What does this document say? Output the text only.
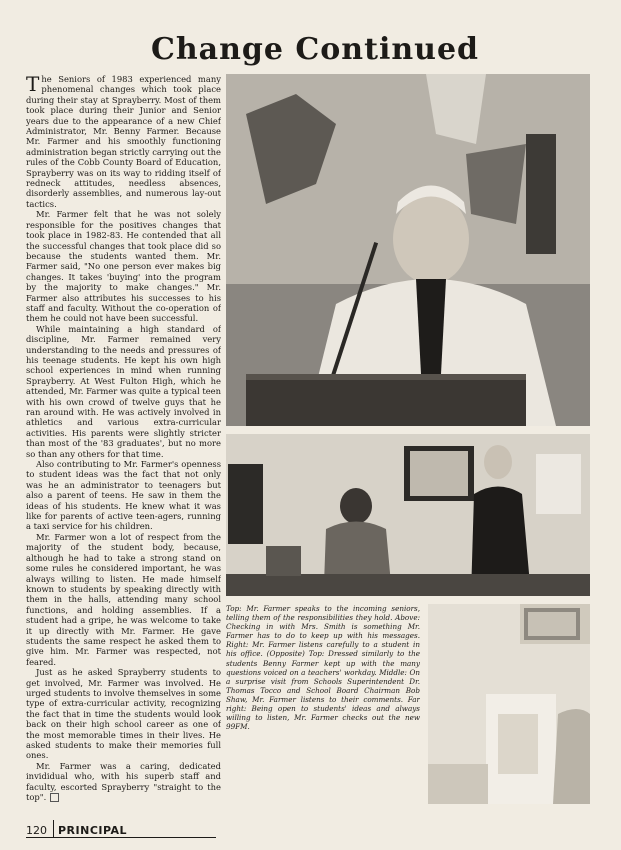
Change Continued

The Seniors of 1983 experienced many phenomenal changes which took place during their stay at Sprayberry. Most of them took place during their Junior and Senior years due to the appearance of a new Chief Administrator, Mr. Benny Farmer. Because Mr. Farmer and his smoothly functioning administration began strictly carrying out the rules of the Cobb County Board of Education, Sprayberry was on its way to ridding itself of redneck attitudes, needless absences, disorderly assemblies, and numerous lay-out tactics.

Mr. Farmer felt that he was not solely responsible for the positives changes that took place in 1982-83. He contended that all the successful changes that took place did so because the students wanted them. Mr. Farmer said, "No one person ever makes big changes. It takes 'buying' into the program by the majority to make changes." Mr. Farmer also attributes his successes to his staff and faculty. Without the co-operation of them he could not have been successful.

While maintaining a high standard of discipline, Mr. Farmer remained very understanding to the needs and pressures of his teenage students. He kept his own high school experiences in mind when running Sprayberry. At West Fulton High, which he attended, Mr. Farmer was quite a typical teen with his own crowd of twelve guys that he ran around with. He was actively involved in athletics and various extra-curricular activities. His parents were slightly stricter than most of the '83 graduates', but no more so than any others for that time.

Also contributing to Mr. Farmer's openness to student ideas was the fact that not only was he an administrator to teenagers but also a parent of teens. He saw in them the ideas of his students. He knew what it was like for parents of active teen-agers, running a taxi service for his children.

Mr. Farmer won a lot of respect from the majority of the student body, because, although he had to take a strong stand on some rules he considered important, he was always willing to listen. He made himself known to students by speaking directly with them in the halls, attending many school functions, and holding assemblies. If a student had a gripe, he was welcome to take it up directly with Mr. Farmer. He gave students the same respect he asked them to give him. Mr. Farmer was respected, not feared.

Just as he asked Sprayberry students to get involved, Mr. Farmer was involved. He urged students to involve themselves in some type of extra-curricular activity, recognizing the fact that in time the students would look back on their high school career as one of the most memorable times in their lives. He asked students to make their memories full ones.

Mr. Farmer was a caring, dedicated invididual who, with his superb staff and faculty, escorted Sprayberry "straight to the top".

Top: Mr. Farmer speaks to the incoming seniors, telling them of the responsibilities they hold. Above: Checking in with Mrs. Smith is something Mr. Farmer has to do to keep up with his messages. Right: Mr. Farmer listens carefully to a student in his office. (Opposite) Top: Dressed similarly to the students Benny Farmer kept up with the many questions voiced on a teachers' workday. Middle: On a surprise visit from Schools Superintendent Dr. Thomas Tocco and School Board Chairman Bob Shaw, Mr. Farmer listens to their comments. Far right: Being open to students' ideas and always willing to listen, Mr. Farmer checks out the new 99FM.
120 PRINCIPAL
